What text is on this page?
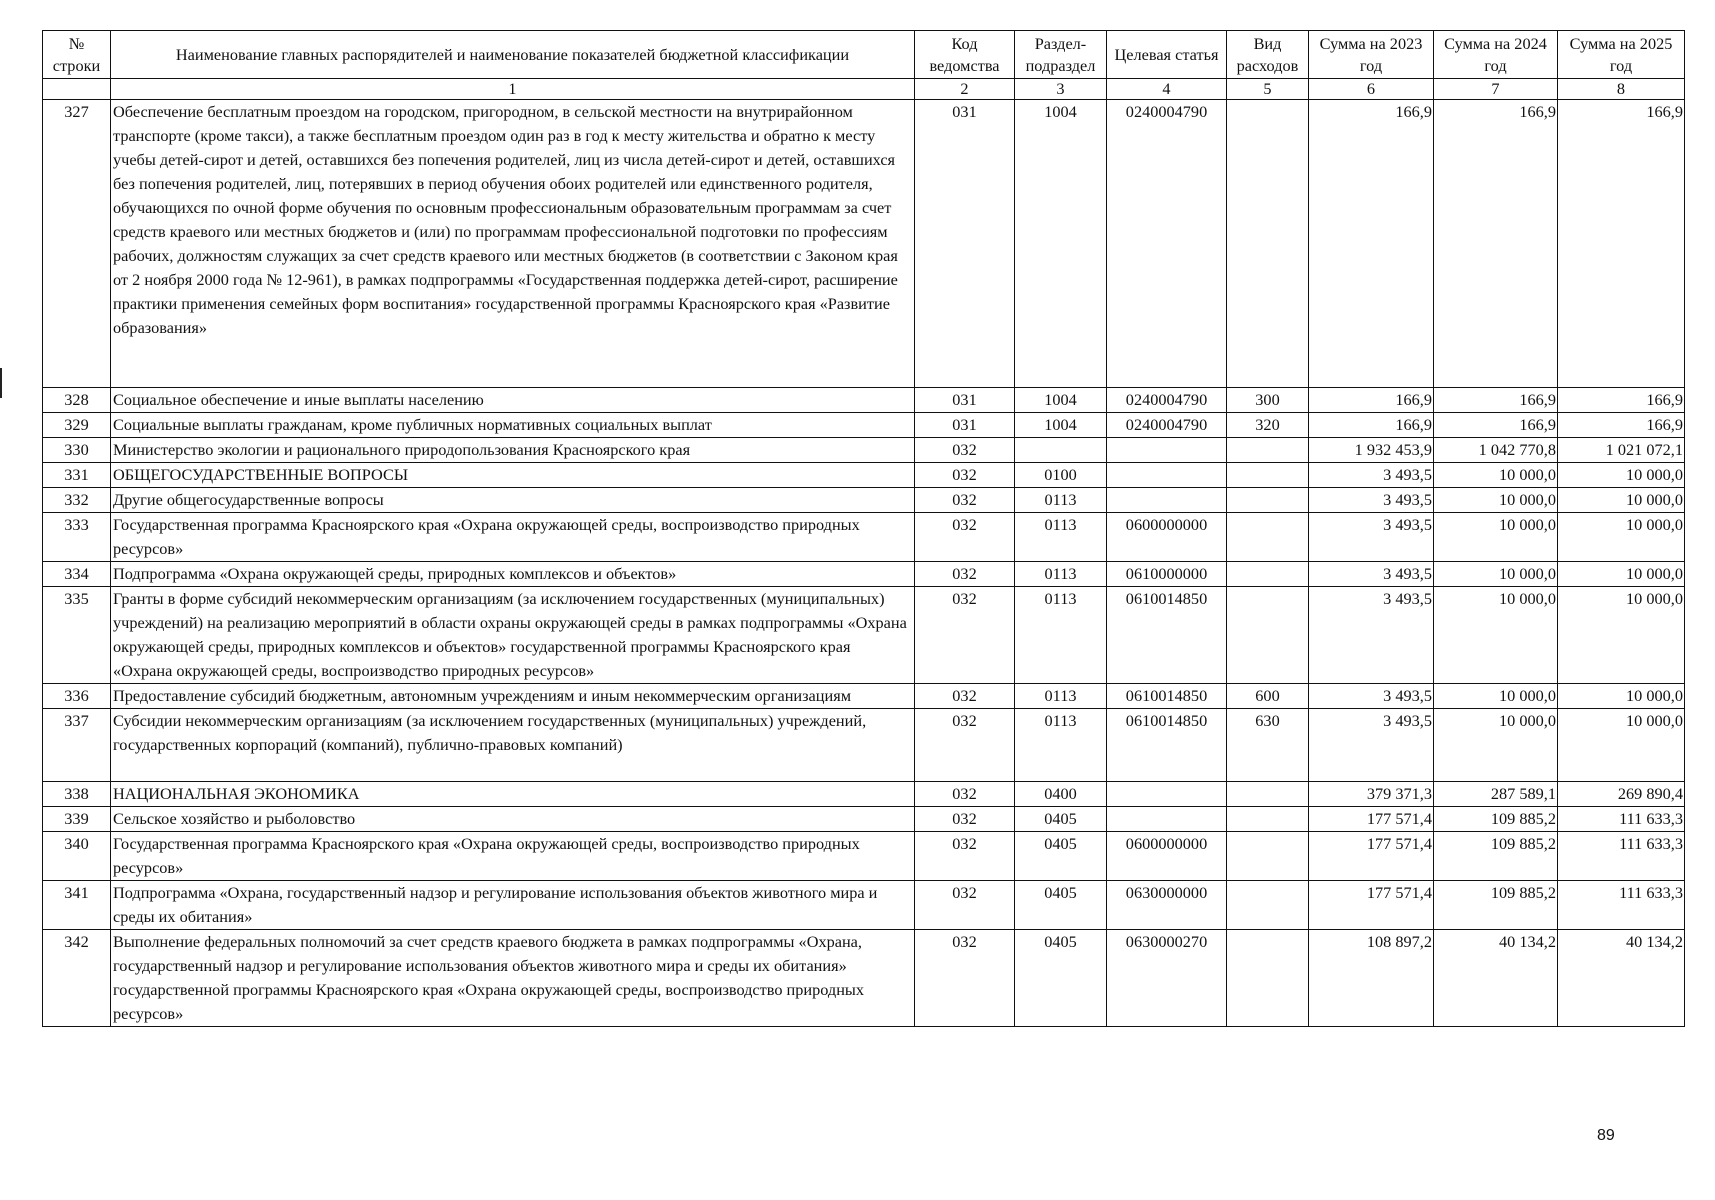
№ строки	Наименование главных распорядителей и наименование показателей бюджетной классификации	Код ведомства	Раздел-подраздел	Целевая статья	Вид расходов	Сумма на 2023 год	Сумма на 2024 год	Сумма на 2025 год
	1	2	3	4	5	6	7	8
327	Обеспечение бесплатным проездом на городском, пригородном, в сельской местности на внутрирайонном транспорте (кроме такси), а также бесплатным проездом один раз в год к месту жительства и обратно к месту учебы детей-сирот и детей, оставшихся без попечения родителей, лиц из числа детей-сирот и детей, оставшихся без попечения родителей, лиц, потерявших в период обучения обоих родителей или единственного родителя, обучающихся по очной форме обучения по основным профессиональным образовательным программам за счет средств краевого или местных бюджетов и (или) по программам профессиональной подготовки по профессиям рабочих, должностям служащих за счет средств краевого или местных бюджетов (в соответствии с Законом края от 2 ноября 2000 года № 12-961), в рамках подпрограммы «Государственная поддержка детей-сирот, расширение практики применения семейных форм воспитания» государственной программы Красноярского края «Развитие образования»	031	1004	0240004790		166,9	166,9	166,9
328	Социальное обеспечение и иные выплаты населению	031	1004	0240004790	300	166,9	166,9	166,9
329	Социальные выплаты гражданам, кроме публичных нормативных социальных выплат	031	1004	0240004790	320	166,9	166,9	166,9
330	Министерство экологии и рационального природопользования Красноярского края	032				1 932 453,9	1 042 770,8	1 021 072,1
331	ОБЩЕГОСУДАРСТВЕННЫЕ ВОПРОСЫ	032	0100			3 493,5	10 000,0	10 000,0
332	Другие общегосударственные вопросы	032	0113			3 493,5	10 000,0	10 000,0
333	Государственная программа Красноярского края «Охрана окружающей среды, воспроизводство природных ресурсов»	032	0113	0600000000		3 493,5	10 000,0	10 000,0
334	Подпрограмма «Охрана окружающей среды, природных комплексов и объектов»	032	0113	0610000000		3 493,5	10 000,0	10 000,0
335	Гранты в форме субсидий некоммерческим организациям (за исключением государственных (муниципальных) учреждений) на реализацию мероприятий в области охраны окружающей среды в рамках подпрограммы «Охрана окружающей среды, природных комплексов и объектов» государственной программы Красноярского края «Охрана окружающей среды, воспроизводство природных ресурсов»	032	0113	0610014850		3 493,5	10 000,0	10 000,0
336	Предоставление субсидий бюджетным, автономным учреждениям и иным некоммерческим организациям	032	0113	0610014850	600	3 493,5	10 000,0	10 000,0
337	Субсидии некоммерческим организациям (за исключением государственных (муниципальных) учреждений, государственных корпораций (компаний), публично-правовых компаний)	032	0113	0610014850	630	3 493,5	10 000,0	10 000,0
338	НАЦИОНАЛЬНАЯ ЭКОНОМИКА	032	0400			379 371,3	287 589,1	269 890,4
339	Сельское хозяйство и рыболовство	032	0405			177 571,4	109 885,2	111 633,3
340	Государственная программа Красноярского края «Охрана окружающей среды, воспроизводство природных ресурсов»	032	0405	0600000000		177 571,4	109 885,2	111 633,3
341	Подпрограмма «Охрана, государственный надзор и регулирование использования объектов животного мира и среды их обитания»	032	0405	0630000000		177 571,4	109 885,2	111 633,3
342	Выполнение федеральных полномочий за счет средств краевого бюджета в рамках подпрограммы «Охрана, государственный надзор и регулирование использования объектов животного мира и среды их обитания» государственной программы Красноярского края «Охрана окружающей среды, воспроизводство природных ресурсов»	032	0405	0630000270		108 897,2	40 134,2	40 134,2
89
